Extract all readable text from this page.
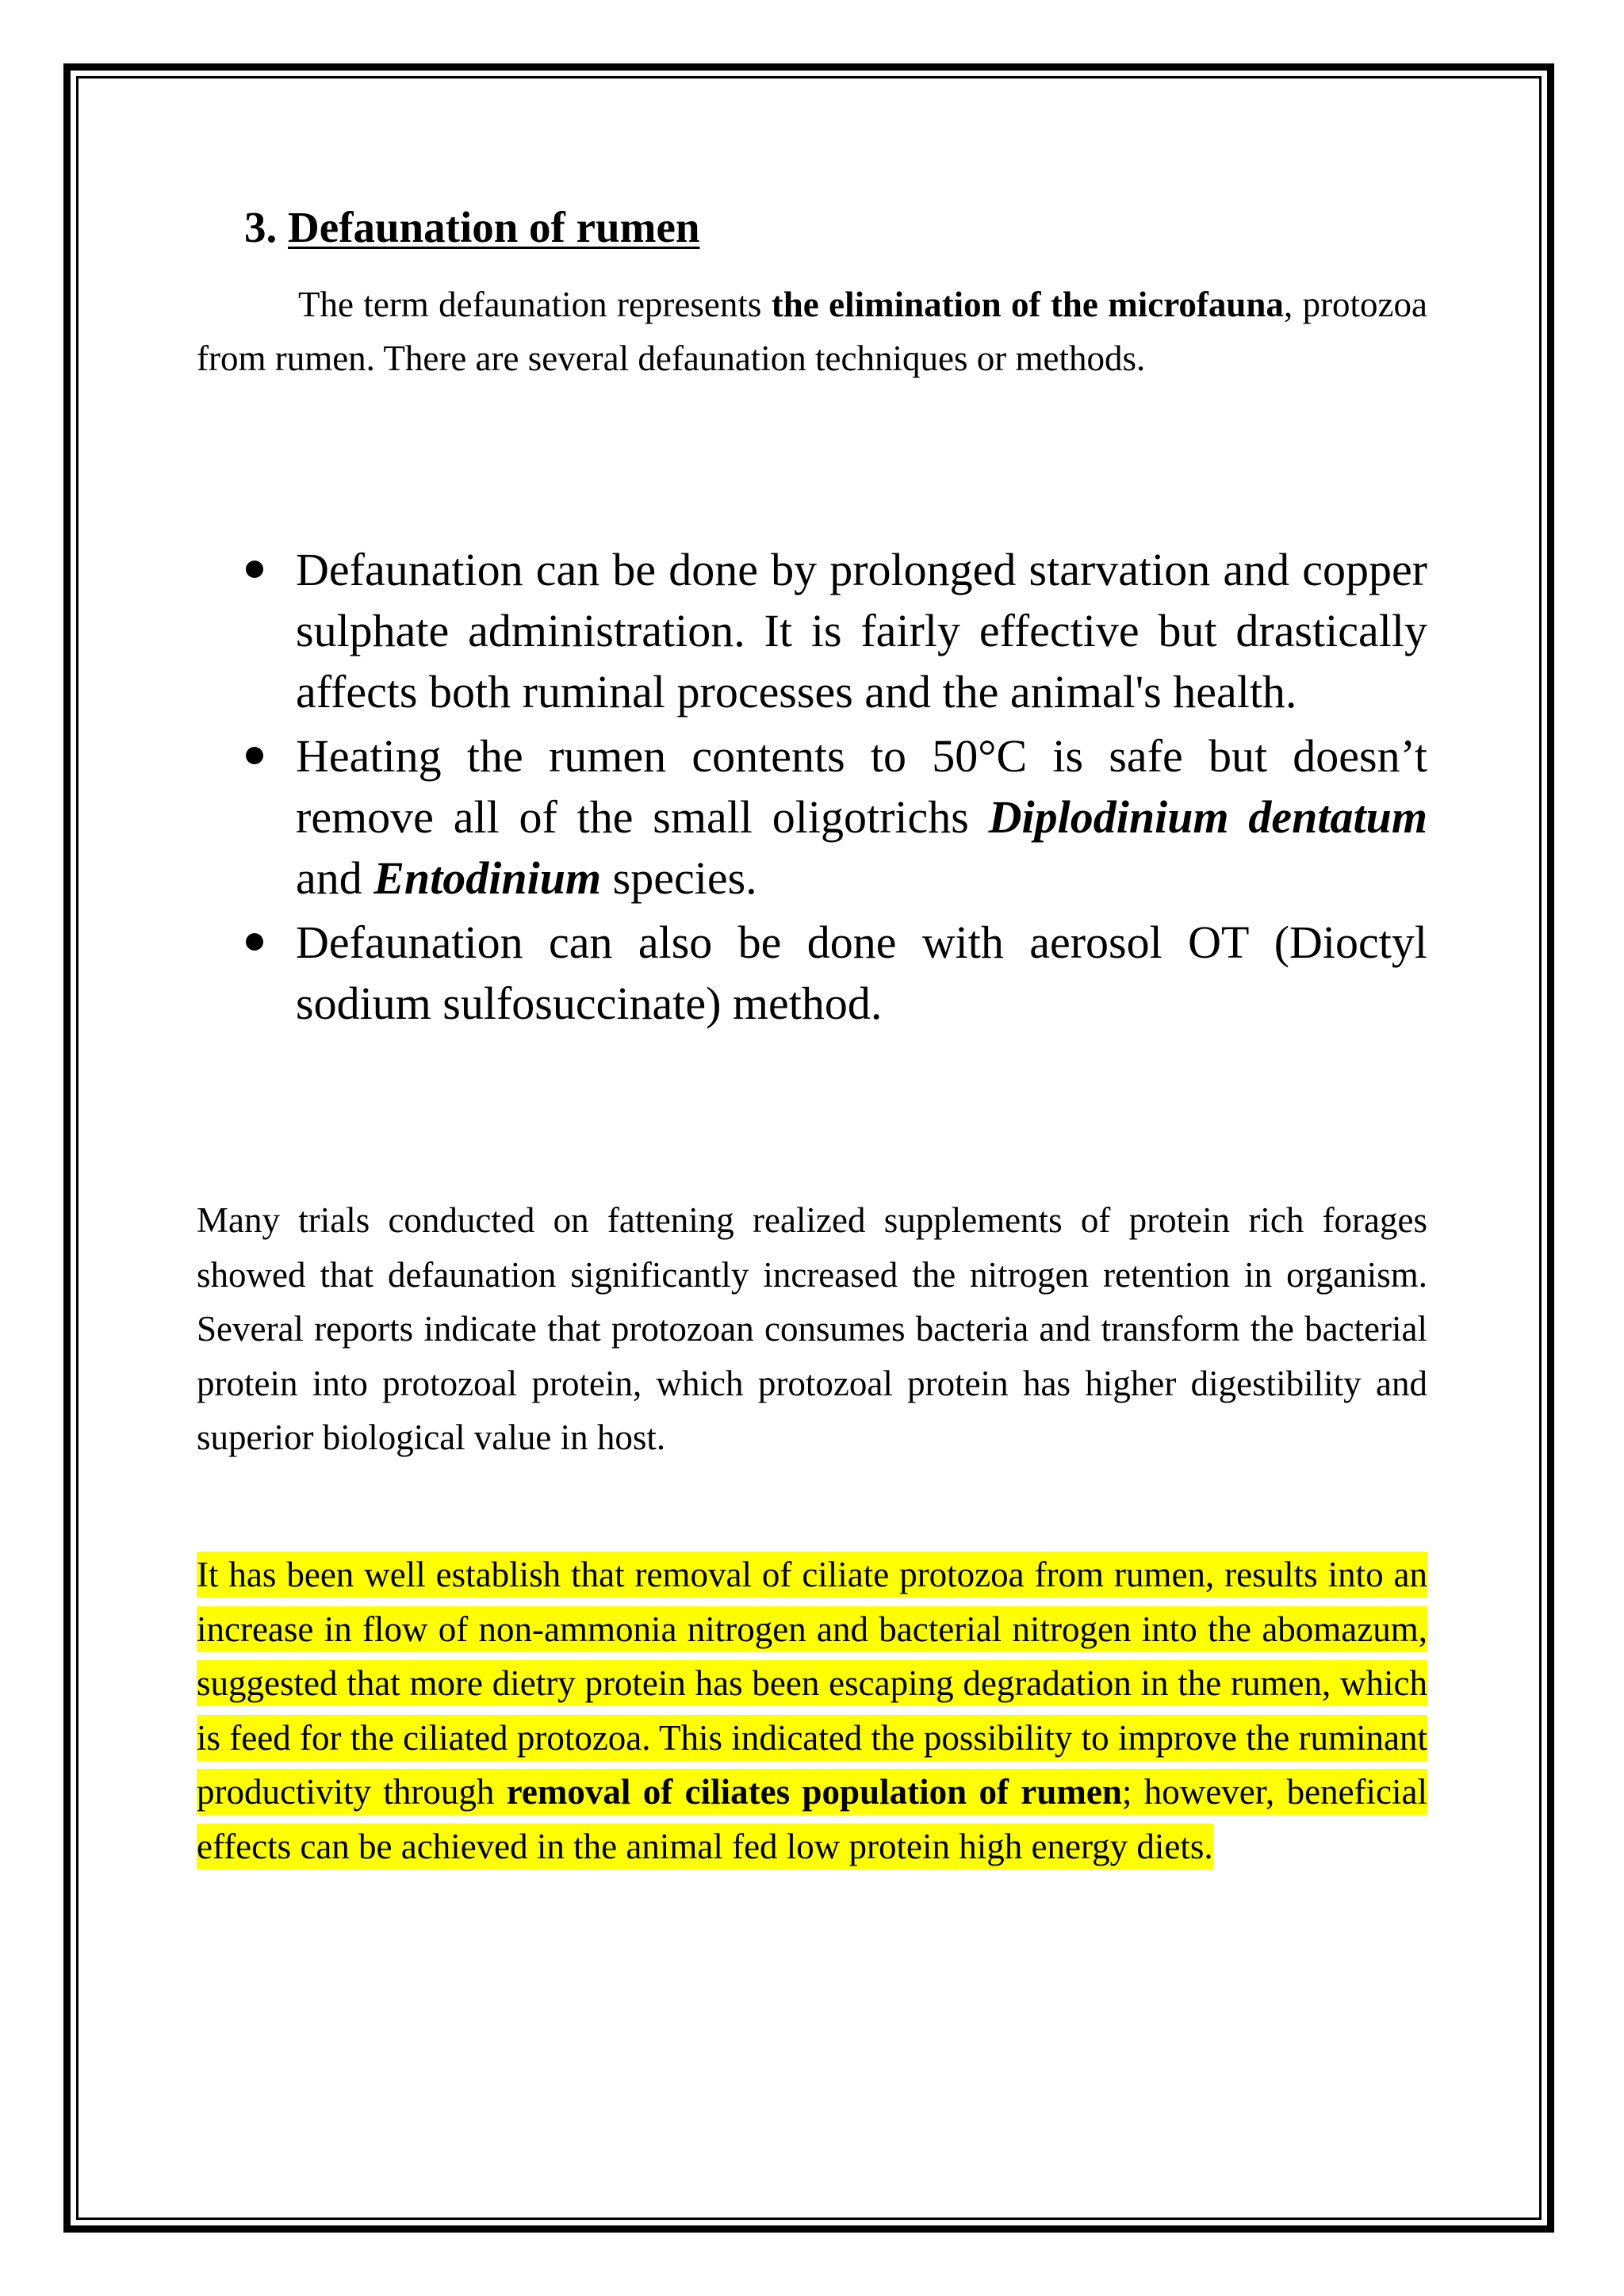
3. Defaunation of rumen

The term defaunation represents the elimination of the microfauna, protozoa from rumen. There are several defaunation techniques or methods.

Defaunation can be done by prolonged starvation and copper sulphate administration. It is fairly effective but drastically affects both ruminal processes and the animal's health.
Heating the rumen contents to 50°C is safe but doesn’t remove all of the small oligotrichs Diplodinium dentatum and Entodinium species.
Defaunation can also be done with aerosol OT (Dioctyl sodium sulfosuccinate) method.

Many trials conducted on fattening realized supplements of protein rich forages showed that defaunation significantly increased the nitrogen retention in organism. Several reports indicate that protozoan consumes bacteria and transform the bacterial protein into protozoal protein, which protozoal protein has higher digestibility and superior biological value in host.

It has been well establish that removal of ciliate protozoa from rumen, results into an increase in flow of non-ammonia nitrogen and bacterial nitrogen into the abomazum, suggested that more dietry protein has been escaping degradation in the rumen, which is feed for the ciliated protozoa. This indicated the possibility to improve the ruminant productivity through removal of ciliates population of rumen; however, beneficial effects can be achieved in the animal fed low protein high energy diets.
